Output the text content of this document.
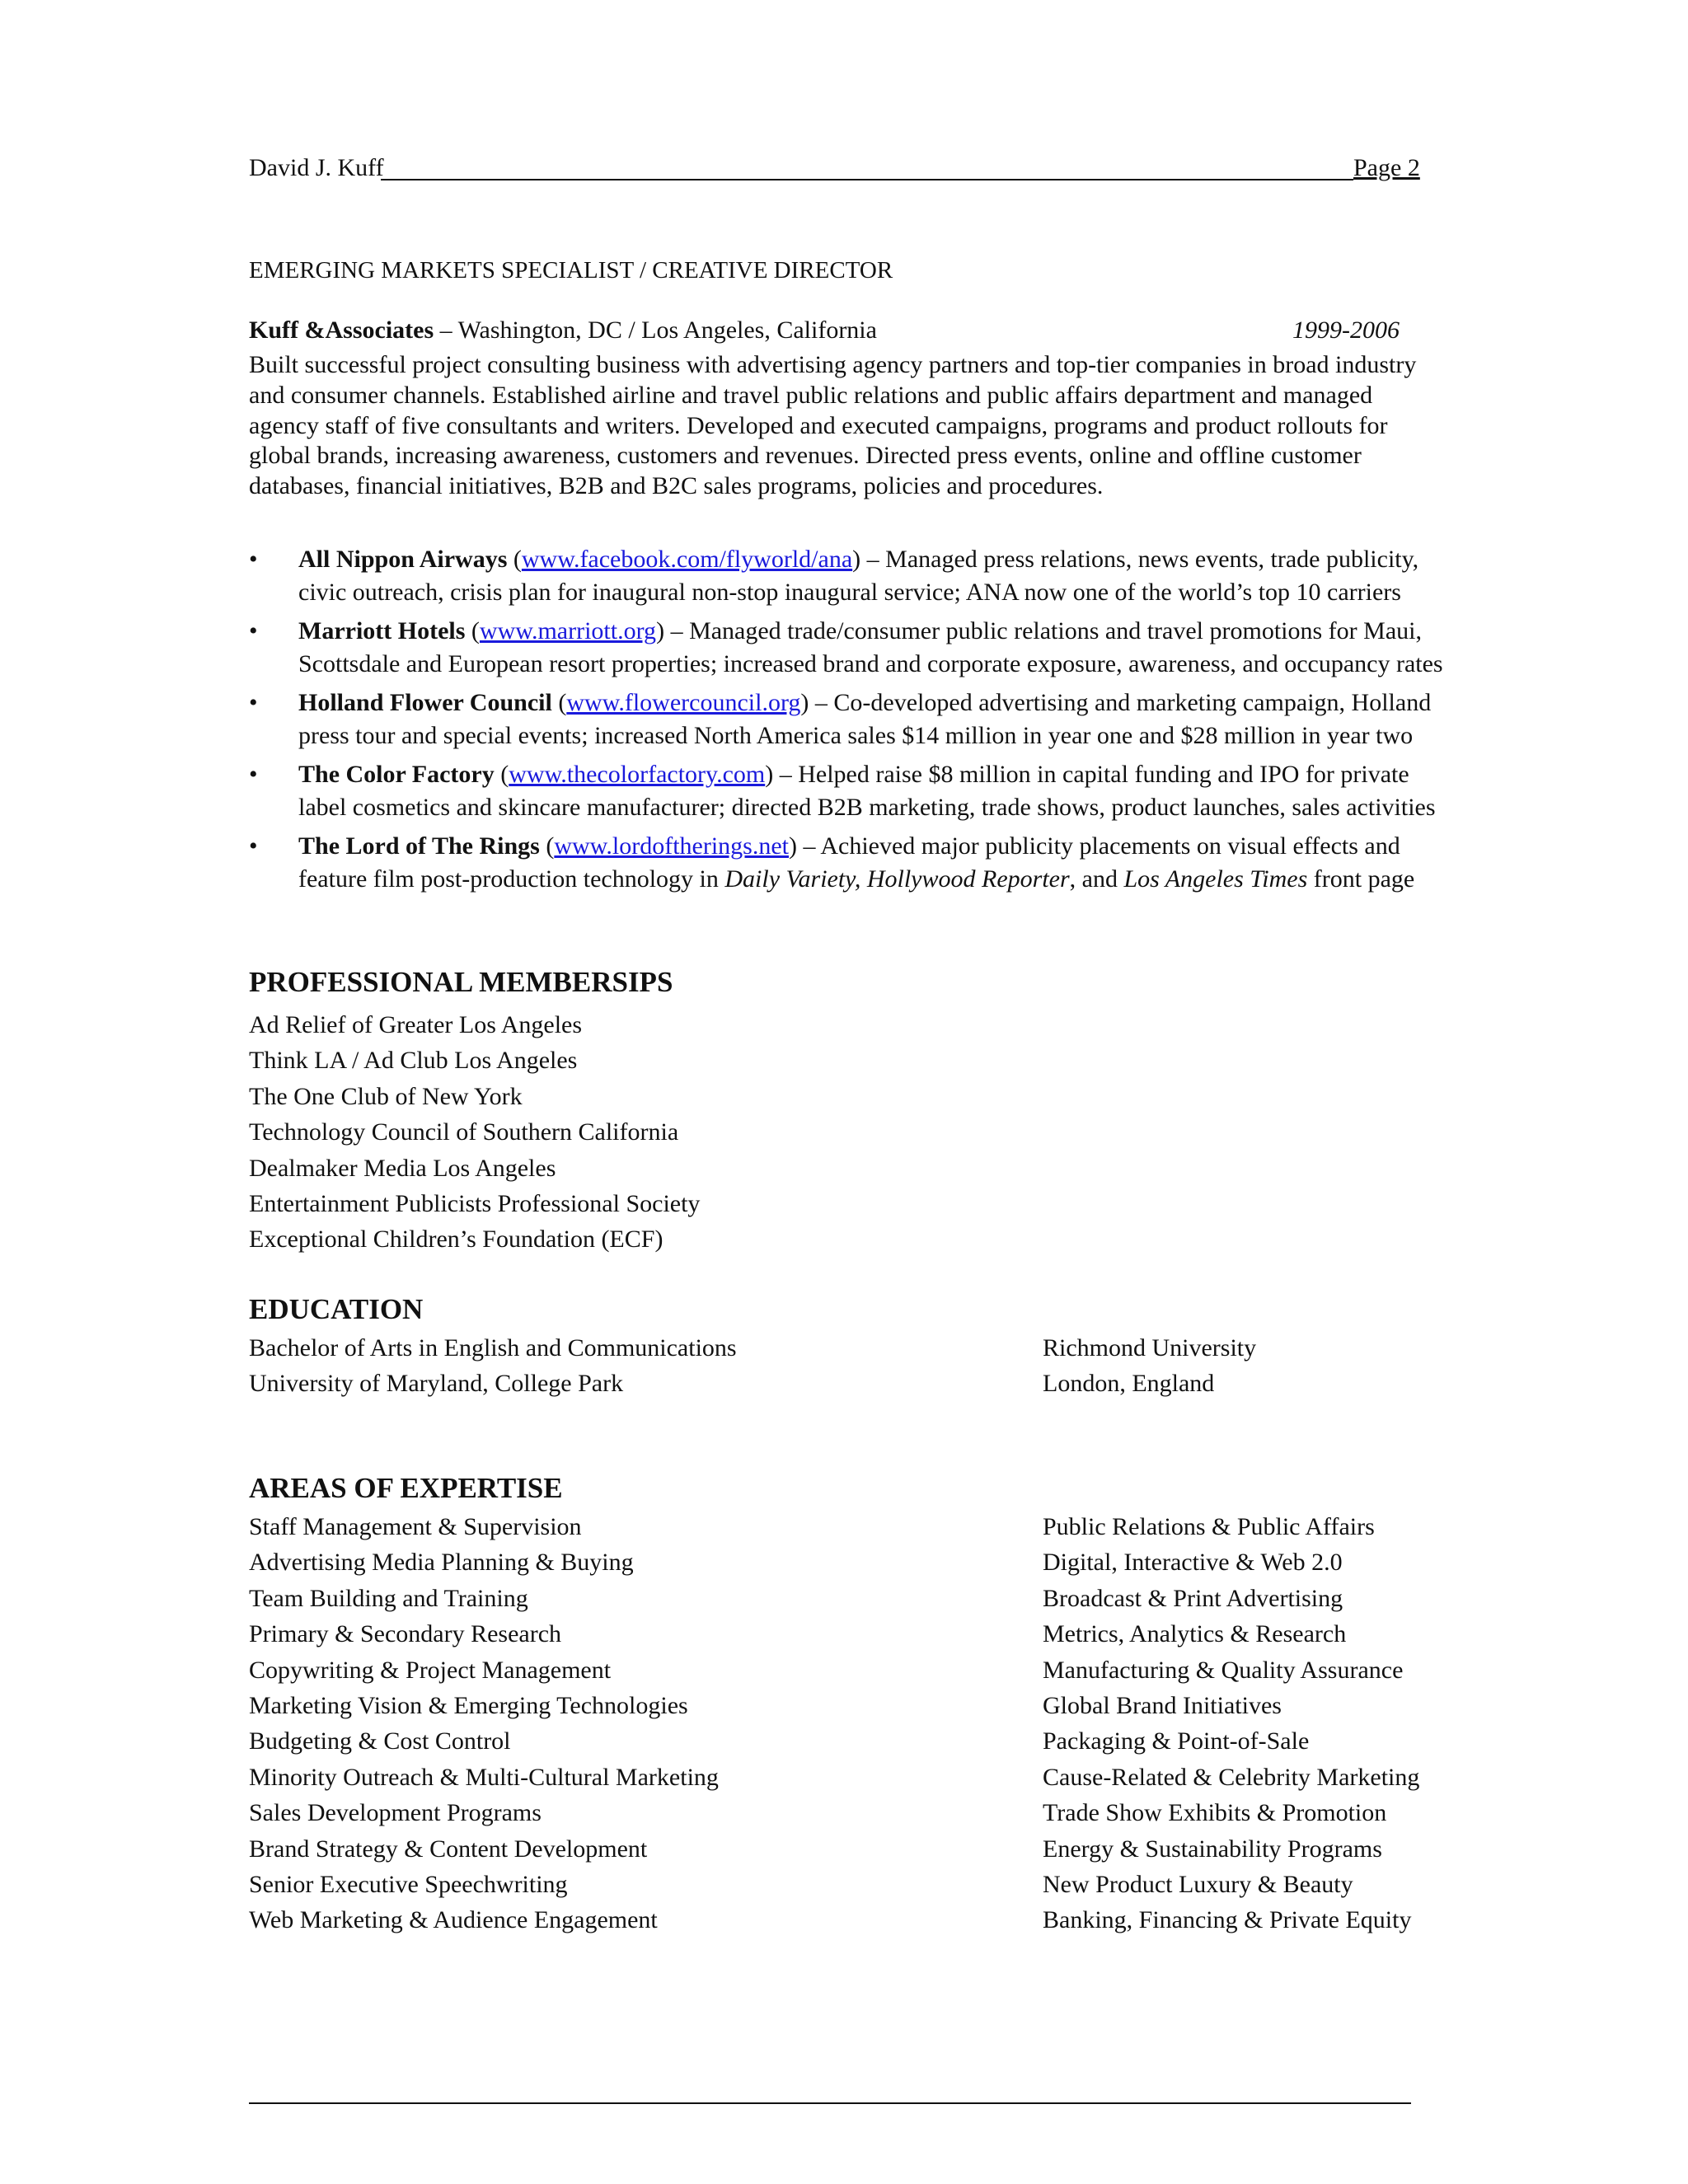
David J. Kuff	Page 2
EMERGING MARKETS SPECIALIST / CREATIVE DIRECTOR
Kuff &Associates – Washington, DC / Los Angeles, California	1999-2006
Built successful project consulting business with advertising agency partners and top-tier companies in broad industry and consumer channels. Established airline and travel public relations and public affairs department and managed agency staff of five consultants and writers. Developed and executed campaigns, programs and product rollouts for global brands, increasing awareness, customers and revenues. Directed press events, online and offline customer databases, financial initiatives, B2B and B2C sales programs, policies and procedures.
• All Nippon Airways (www.facebook.com/flyworld/ana) – Managed press relations, news events, trade publicity, civic outreach, crisis plan for inaugural non-stop inaugural service; ANA now one of the world’s top 10 carriers
• Marriott Hotels (www.marriott.org) – Managed trade/consumer public relations and travel promotions for Maui, Scottsdale and European resort properties; increased brand and corporate exposure, awareness, and occupancy rates
• Holland Flower Council (www.flowercouncil.org) – Co-developed advertising and marketing campaign, Holland press tour and special events; increased North America sales $14 million in year one and $28 million in year two
• The Color Factory (www.thecolorfactory.com) – Helped raise $8 million in capital funding and IPO for private label cosmetics and skincare manufacturer; directed B2B marketing, trade shows, product launches, sales activities
• The Lord of The Rings (www.lordoftherings.net) – Achieved major publicity placements on visual effects and feature film post-production technology in Daily Variety, Hollywood Reporter, and Los Angeles Times front page
PROFESSIONAL MEMBERSIPS
Ad Relief of Greater Los Angeles
Think LA / Ad Club Los Angeles
The One Club of New York
Technology Council of Southern California
Dealmaker Media Los Angeles
Entertainment Publicists Professional Society
Exceptional Children’s Foundation (ECF)
EDUCATION
Bachelor of Arts in English and Communications
University of Maryland, College Park
Richmond University
London, England
AREAS OF EXPERTISE
Staff Management & Supervision
Advertising Media Planning & Buying
Team Building and Training
Primary & Secondary Research
Copywriting & Project Management
Marketing Vision & Emerging Technologies
Budgeting & Cost Control
Minority Outreach & Multi-Cultural Marketing
Sales Development Programs
Brand Strategy & Content Development
Senior Executive Speechwriting
Web Marketing & Audience Engagement
Public Relations & Public Affairs
Digital, Interactive & Web 2.0
Broadcast & Print Advertising
Metrics, Analytics & Research
Manufacturing & Quality Assurance
Global Brand Initiatives
Packaging & Point-of-Sale
Cause-Related & Celebrity Marketing
Trade Show Exhibits & Promotion
Energy & Sustainability Programs
New Product Luxury & Beauty
Banking, Financing & Private Equity
